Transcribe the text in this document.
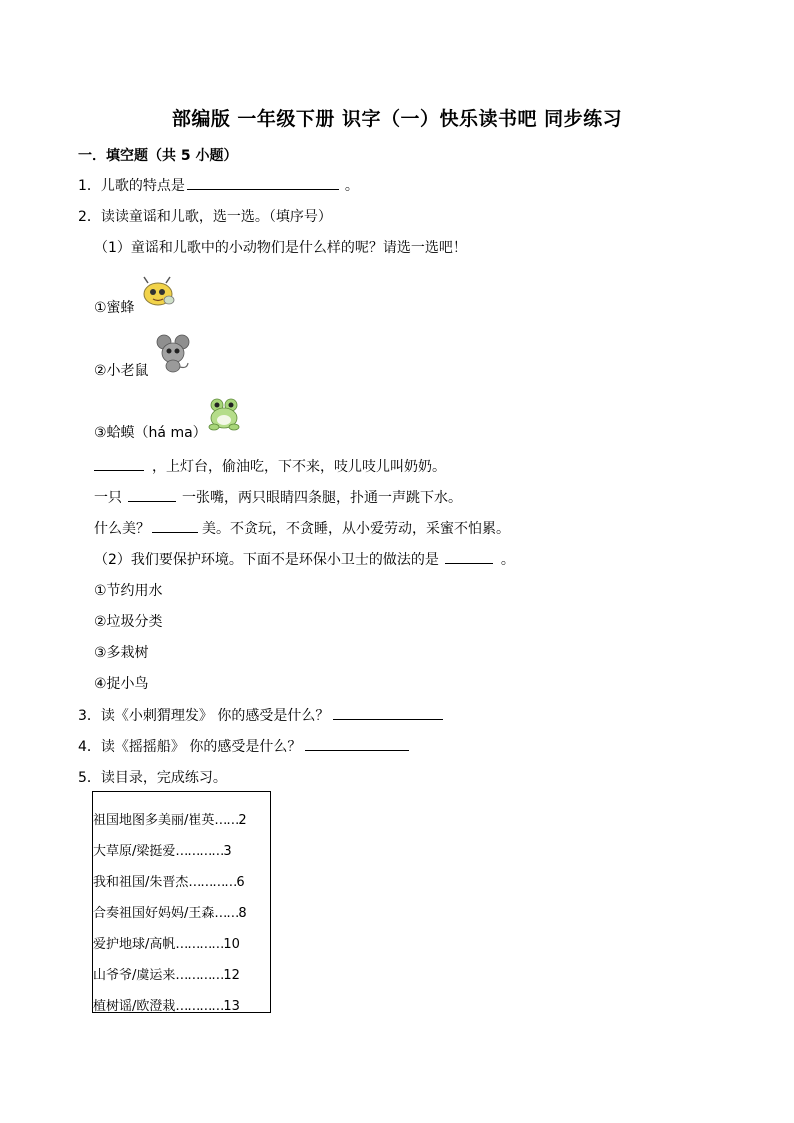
部编版 一年级下册 识字（一）快乐读书吧 同步练习
一．填空题（共 5 小题）
1．儿歌的特点是	。
2．读读童谣和儿歌，选一选。（填序号）
（1）童谣和儿歌中的小动物们是什么样的呢？请选一选吧！
①蜜蜂
②小老鼠
③蛤蟆（há ma）
，上灯台，偷油吃，下不来，吱儿吱儿叫奶奶。
一只	一张嘴，两只眼睛四条腿，扑通一声跳下水。
什么美？	美。不贪玩，不贪睡，从小爱劳动，采蜜不怕累。
（2）我们要保护环境。下面不是环保小卫士的做法的是	。
①节约用水
②垃圾分类
③多栽树
④捉小鸟
3．读《小刺猬理发》 你的感受是什么？
4．读《摇摇船》 你的感受是什么？
5．读目录，完成练习。
祖国地图多美丽/崔英……2
大草原/梁挺爱…………3
我和祖国/朱晋杰…………6
合奏祖国好妈妈/王森……8
爱护地球/高帆…………10
山爷爷/虞运来…………12
植树谣/欧澄栽…………13
